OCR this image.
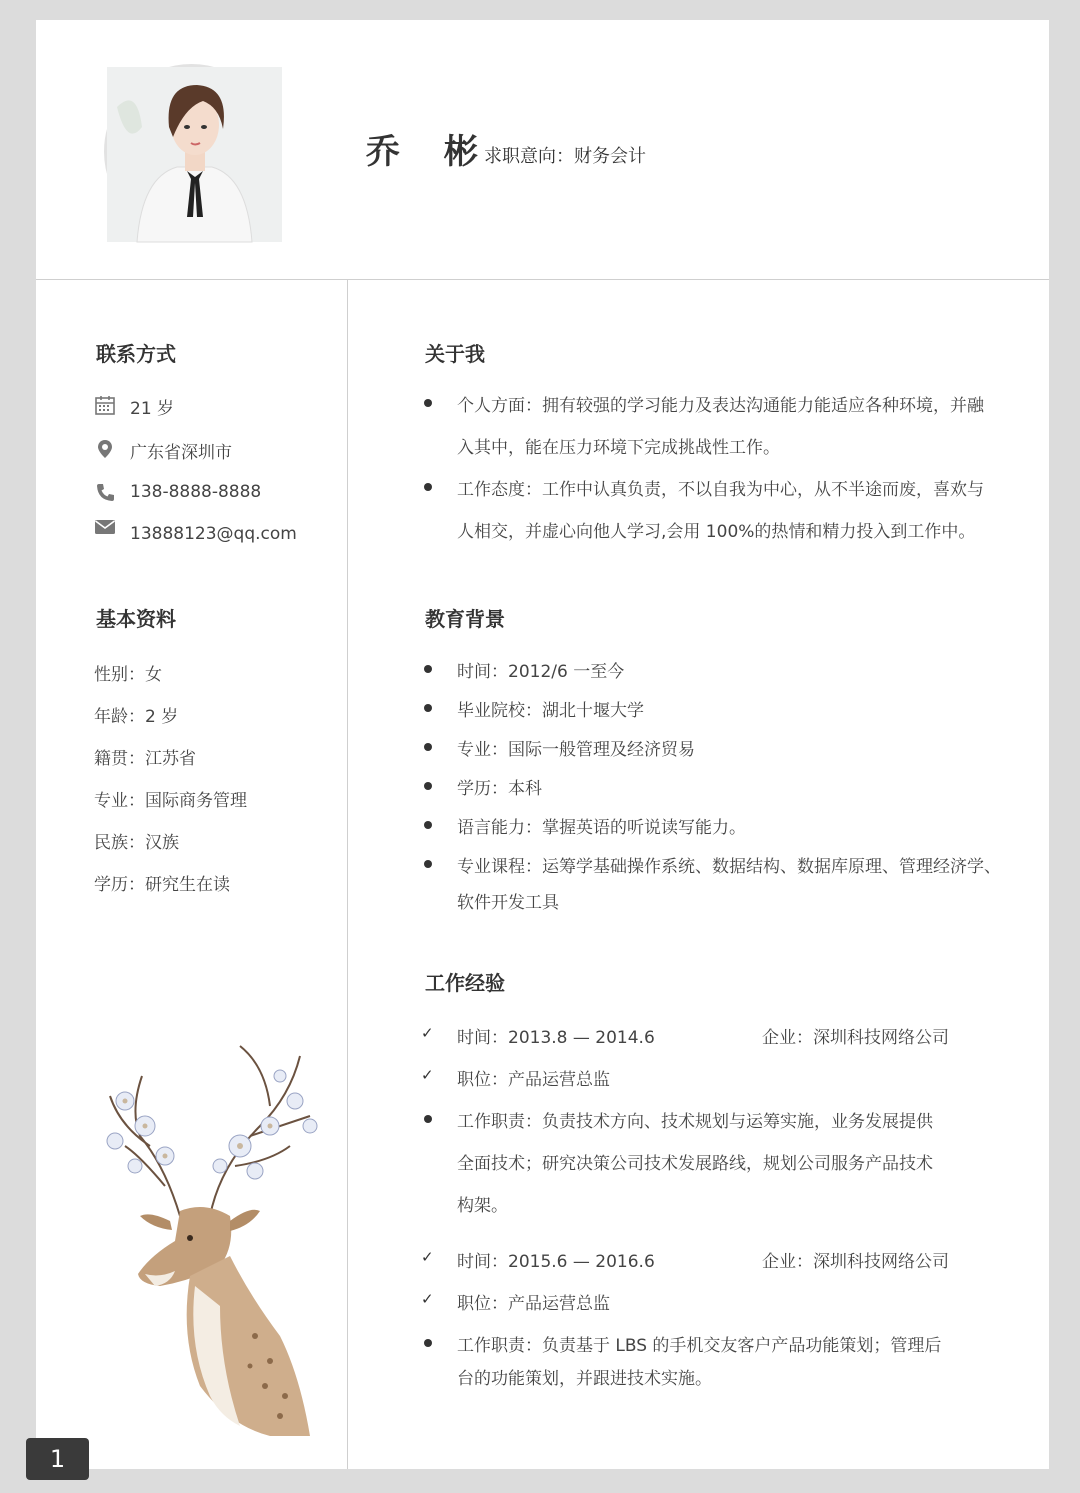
乔 彬
求职意向：财务会计
联系方式
21 岁
广东省深圳市
138-8888-8888
13888123@qq.com
基本资料
性别：女
年龄：2 岁
籍贯：江苏省
专业：国际商务管理
民族：汉族
学历：研究生在读
关于我
个人方面：拥有较强的学习能力及表达沟通能力能适应各种环境，并融
入其中，能在压力环境下完成挑战性工作。
工作态度：工作中认真负责，不以自我为中心，从不半途而废，喜欢与
人相交，并虚心向他人学习,会用 100%的热情和精力投入到工作中。
教育背景
时间：2012/6 一至今
毕业院校：湖北十堰大学
专业：国际一般管理及经济贸易
学历：本科
语言能力：掌握英语的听说读写能力。
专业课程：运筹学基础操作系统、数据结构、数据库原理、管理经济学、
软件开发工具
工作经验
✓ 时间：2013.8 — 2014.6	企业：深圳科技网络公司
✓ 职位：产品运营总监
工作职责：负责技术方向、技术规划与运筹实施，业务发展提供
全面技术；研究决策公司技术发展路线，规划公司服务产品技术
构架。
✓ 时间：2015.6 — 2016.6	企业：深圳科技网络公司
✓ 职位：产品运营总监
工作职责：负责基于 LBS 的手机交友客户产品功能策划；管理后
台的功能策划，并跟进技术实施。
1
